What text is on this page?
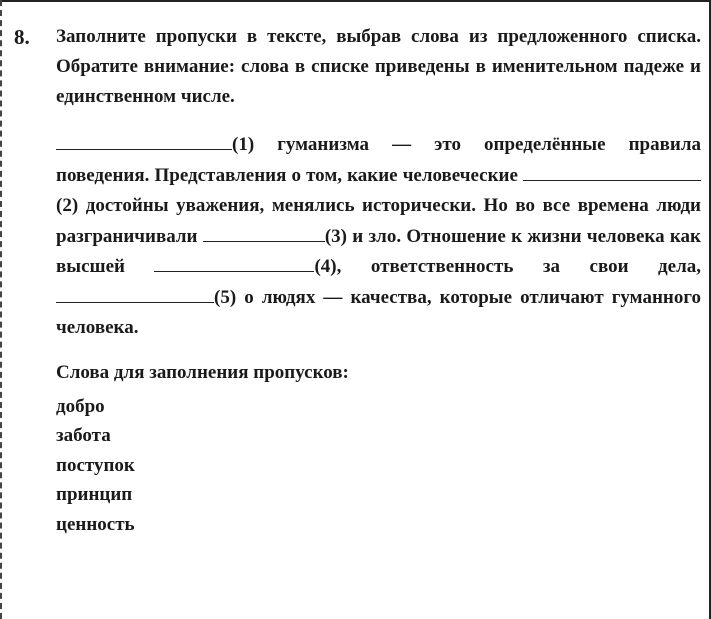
8. Заполните пропуски в тексте, выбрав слова из предложенного списка. Обратите внимание: слова в списке приведены в именительном падеже и единственном числе.

(1) гуманизма — это определённые правила поведения. Представления о том, какие человеческие (2) достойны уважения, менялись исторически. Но во все времена люди разграничивали	(3) и зло. Отношение к жизни человека как высшей	(4), ответственность за свои дела, (5) о людях — качества, которые отличают гуманного человека.

Слова для заполнения пропусков:

добро
забота
поступок
принцип
ценность
